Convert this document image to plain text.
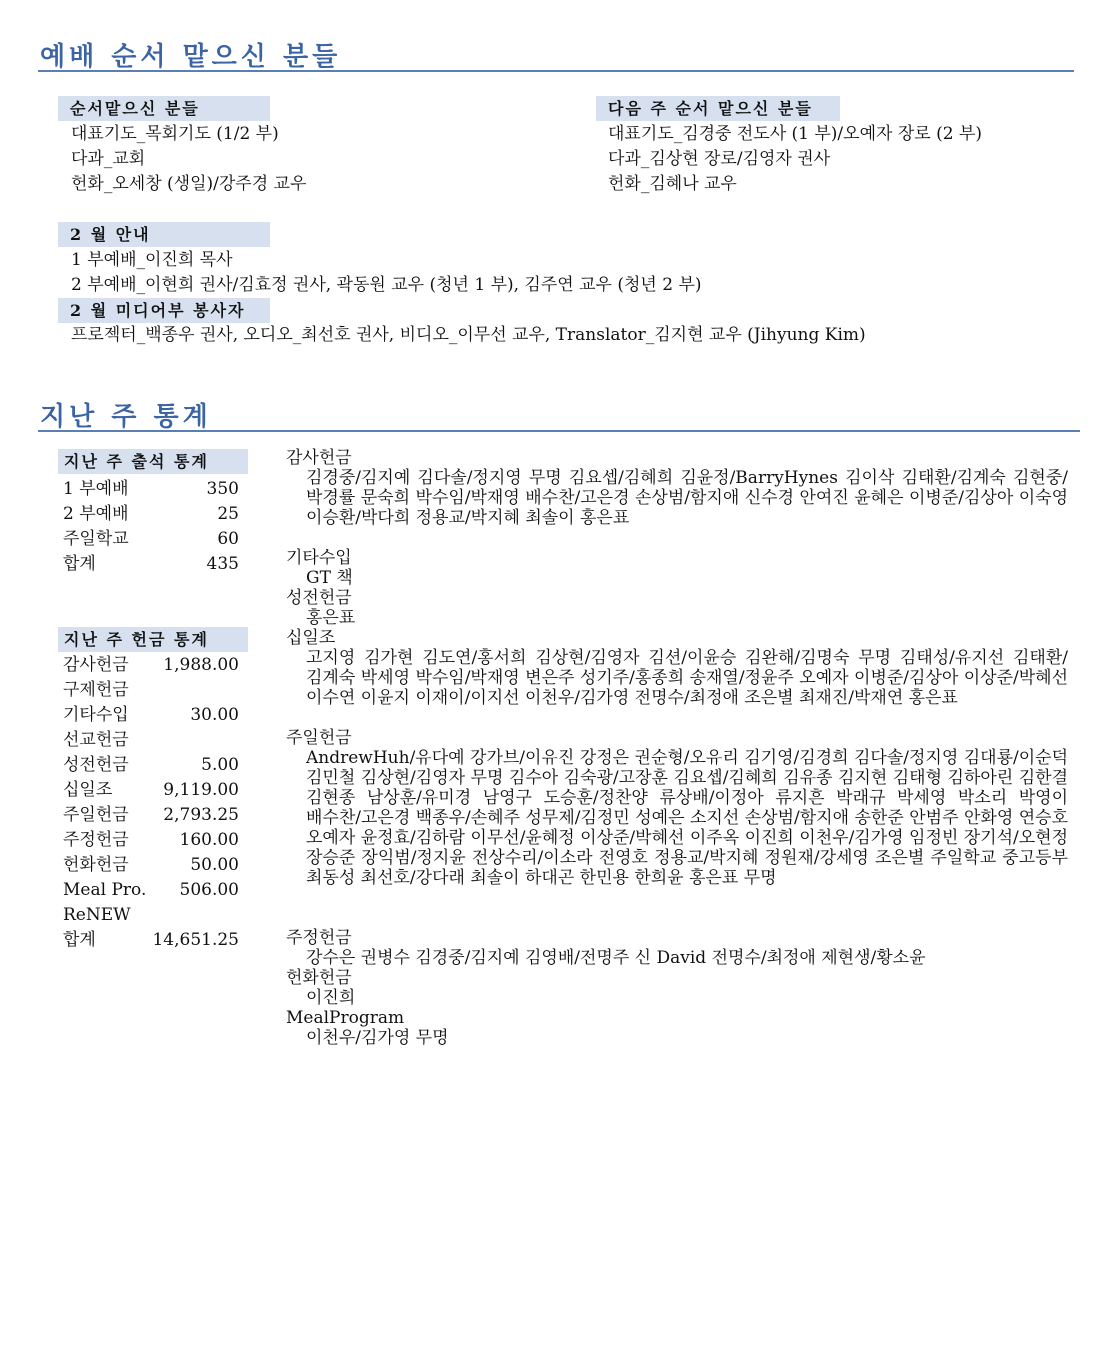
예배 순서 맡으신 분들
순서맡으신 분들
대표기도_목회기도 (1/2 부)
다과_교회
헌화_오세창 (생일)/강주경 교우
다음 주 순서 맡으신 분들
대표기도_김경중 전도사 (1 부)/오예자 장로 (2 부)
다과_김상현 장로/김영자 권사
헌화_김혜나 교우
2 월 안내
1 부예배_이진희 목사
2 부예배_이현희 권사/김효정 권사, 곽동원 교우 (청년 1 부), 김주연 교우 (청년 2 부)
2 월 미디어부 봉사자
프로젝터_백종우 권사, 오디오_최선호 권사, 비디오_이무선 교우, Translator_김지현 교우 (Jihyung Kim)
지난 주 통계
지난 주 출석 통계
1 부예배	350
2 부예배	25
주일학교	60
합계	435
지난 주 헌금 통계
감사헌금 1,988.00
구제헌금
기타수입	30.00
선교헌금
성전헌금	5.00
십일조	9,119.00
주일헌금 2,793.25
주정헌금	160.00
헌화헌금	50.00
Meal Pro. 506.00
ReNEW
합계	14,651.25
감사헌금
김경중/김지예 김다솔/정지영 무명 김요셉/김혜희 김윤정/BarryHynes 김이삭 김태환/김계숙 김현중/박경률 문숙희 박수임/박재영 배수찬/고은경 손상범/함지애 신수경 안여진 윤혜은 이병준/김상아 이숙영 이승환/박다희 정용교/박지혜 최솔이 홍은표
기타수입
GT 책
성전헌금
홍은표
십일조
고지영 김가현 김도연/홍서희 김상현/김영자 김션/이윤승 김완해/김명숙 무명 김태성/유지선 김태환/김계숙 박세영 박수임/박재영 변은주 성기주/홍종희 송재열/정윤주 오예자 이병준/김상아 이상준/박혜선 이수연 이윤지 이재이/이지선 이천우/김가영 전명수/최정애 조은별 최재진/박재연 홍은표
주일헌금
AndrewHuh/유다예 강가브/이유진 강정은 권순형/오유리 김기영/김경희 김다솔/정지영 김대룡/이순덕 김민철 김상현/김영자 무명 김수아 김숙광/고장훈 김요셉/김혜희 김유종 김지현 김태형 김하아린 김한결 김현종 남상훈/유미경 남영구 도승훈/정찬양 류상배/이정아 류지흔 박래규 박세영 박소리 박영이 배수찬/고은경 백종우/손혜주 성무제/김정민 성예은 소지선 손상범/함지애 송한준 안범주 안화영 연승호 오예자 윤정효/김하람 이무선/윤혜정 이상준/박혜선 이주옥 이진희 이천우/김가영 임정빈 장기석/오현정 장승준 장익범/정지윤 전상수리/이소라 전영호 정용교/박지혜 정원재/강세영 조은별 주일학교 중고등부 최동성 최선호/강다래 최솔이 하대곤 한민용 한희윤 홍은표 무명
주정헌금
강수은 권병수 김경중/김지예 김영배/전명주 신 David 전명수/최정애 제현생/황소윤
헌화헌금
이진희
MealProgram
이천우/김가영 무명
